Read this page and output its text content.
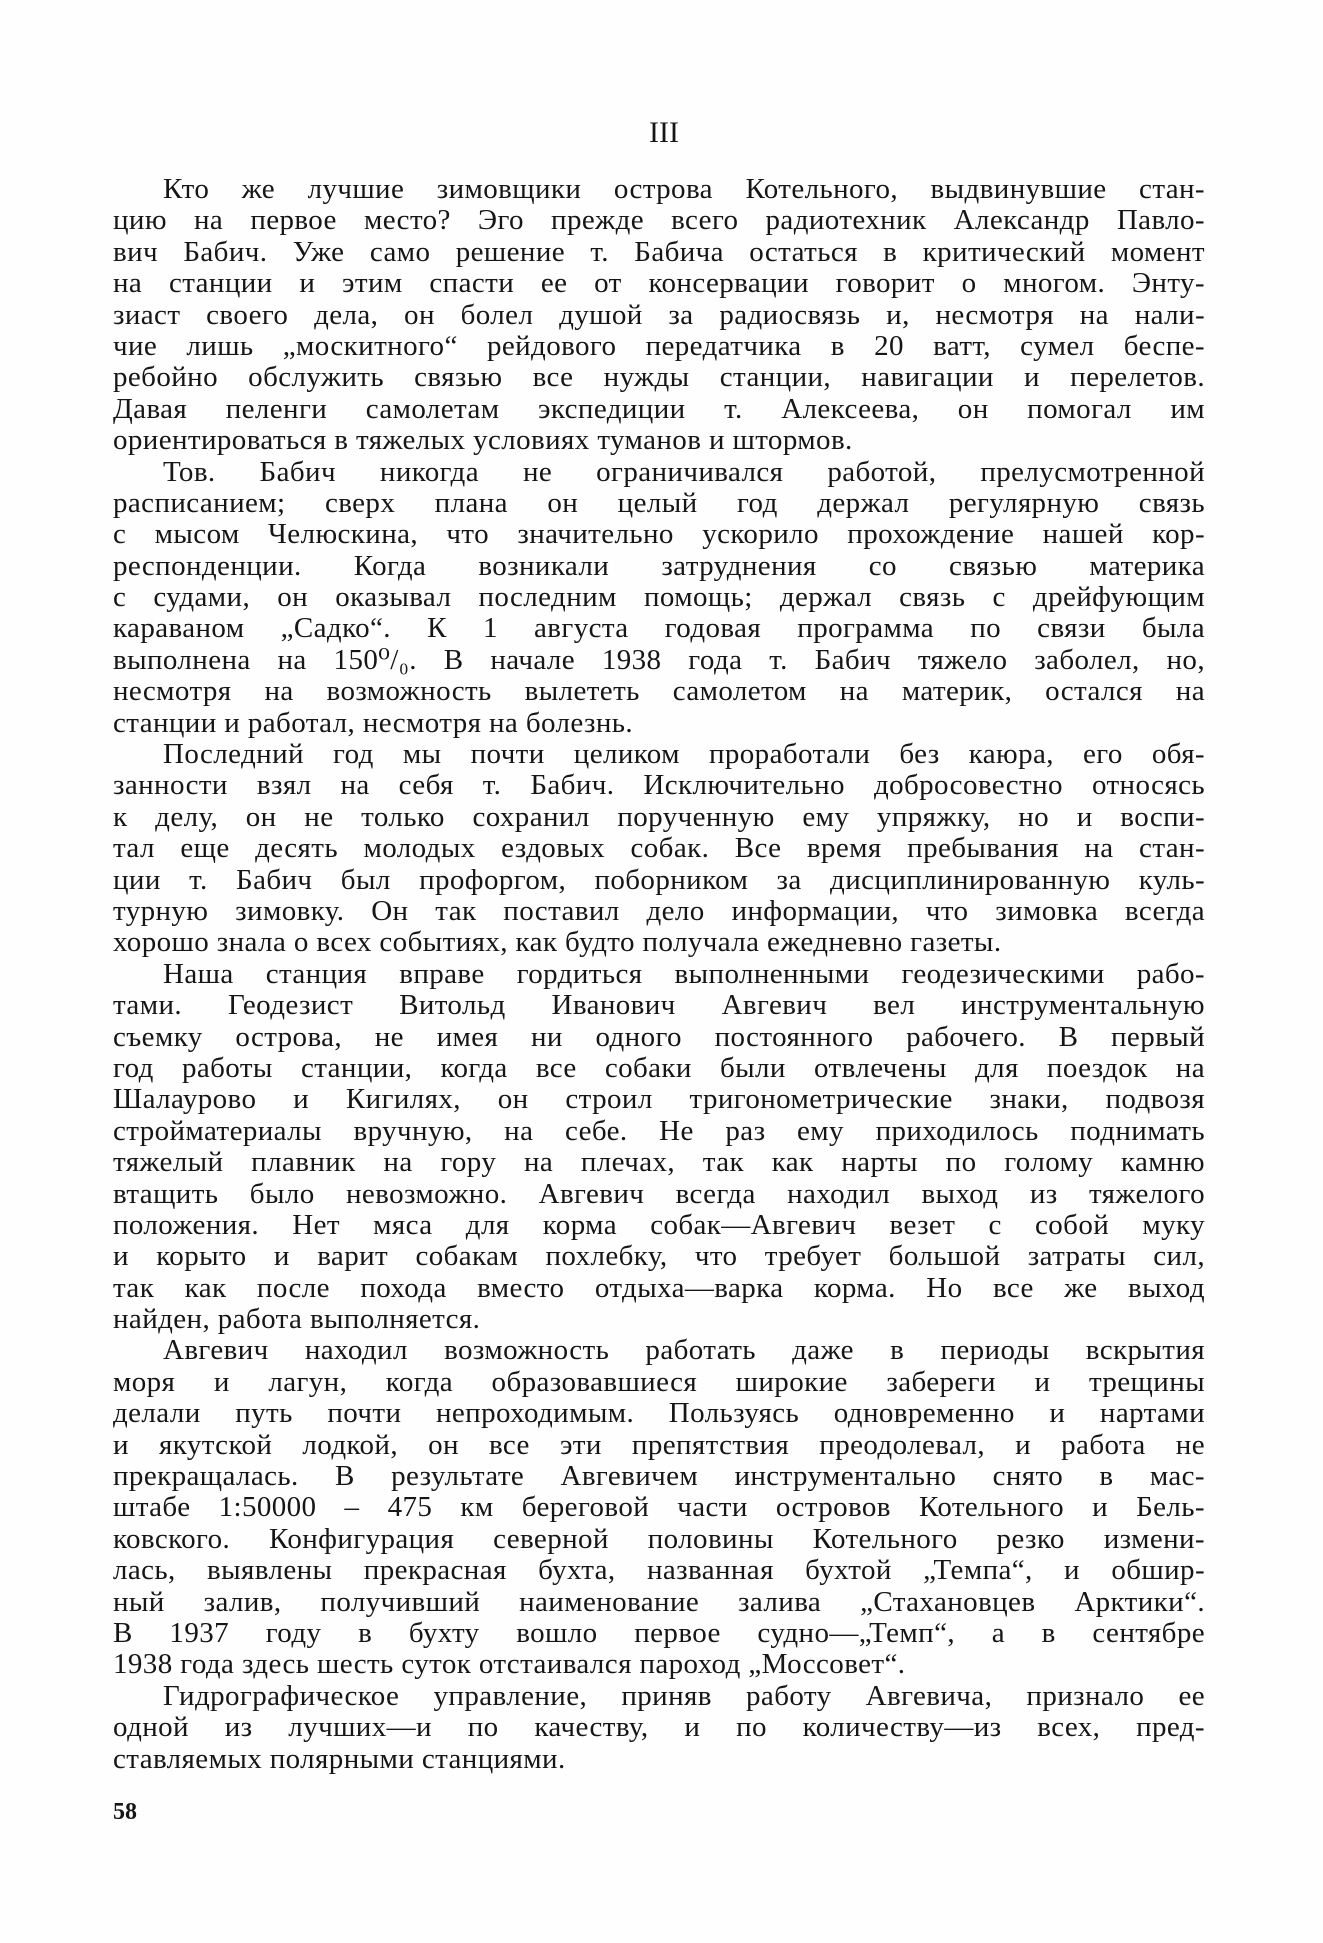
III
Кто же лучшие зимовщики острова Котельного, выдвинувшие стан-
цию на первое место? Эго прежде всего радиотехник Александр Павло-
вич Бабич. Уже само решение т. Бабича остаться в критический момент
на станции и этим спасти ее от консервации говорит о многом. Энту-
зиаст своего дела, он болел душой за радиосвязь и, несмотря на нали-
чие лишь „москитного“ рейдового передатчика в 20 ватт, сумел беспе-
ребойно обслужить связью все нужды станции, навигации и перелетов.
Давая пеленги самолетам экспедиции т. Алексеева, он помогал им
ориентироваться в тяжелых условиях туманов и штормов.
Тов. Бабич никогда не ограничивался работой, прелусмотренной
расписанием; сверх плана он целый год держал регулярную связь
с мысом Челюскина, что значительно ускорило прохождение нашей кор-
респонденции. Когда возникали затруднения со связью материка
с судами, он оказывал последним помощь; держал связь с дрейфующим
караваном „Садко“. К 1 августа годовая программа по связи была
выполнена на 150⁰/₀. В начале 1938 года т. Бабич тяжело заболел, но,
несмотря на возможность вылететь самолетом на материк, остался на
станции и работал, несмотря на болезнь.
Последний год мы почти целиком проработали без каюра, его обя-
занности взял на себя т. Бабич. Исключительно добросовестно относясь
к делу, он не только сохранил порученную ему упряжку, но и воспи-
тал еще десять молодых ездовых собак. Все время пребывания на стан-
ции т. Бабич был профоргом, поборником за дисциплинированную куль-
турную зимовку. Он так поставил дело информации, что зимовка всегда
хорошо знала о всех событиях, как будто получала ежедневно газеты.
Наша станция вправе гордиться выполненными геодезическими рабо-
тами. Геодезист Витольд Иванович Авгевич вел инструментальную
съемку острова, не имея ни одного постоянного рабочего. В первый
год работы станции, когда все собаки были отвлечены для поездок на
Шалаурово и Кигилях, он строил тригонометрические знаки, подвозя
стройматериалы вручную, на себе. Не раз ему приходилось поднимать
тяжелый плавник на гору на плечах, так как нарты по голому камню
втащить было невозможно. Авгевич всегда находил выход из тяжелого
положения. Нет мяса для корма собак—Авгевич везет с собой муку
и корыто и варит собакам похлебку, что требует большой затраты сил,
так как после похода вместо отдыха—варка корма. Но все же выход
найден, работа выполняется.
Авгевич находил возможность работать даже в периоды вскрытия
моря и лагун, когда образовавшиеся широкие забереги и трещины
делали путь почти непроходимым. Пользуясь одновременно и нартами
и якутской лодкой, он все эти препятствия преодолевал, и работа не
прекращалась. В результате Авгевичем инструментально снято в мас-
штабе 1:50000 – 475 км береговой части островов Котельного и Бель-
ковского. Конфигурация северной половины Котельного резко измени-
лась, выявлены прекрасная бухта, названная бухтой „Темпа“, и обшир-
ный залив, получивший наименование залива „Стахановцев Арктики“.
В 1937 году в бухту вошло первое судно—„Темп“, а в сентябре
1938 года здесь шесть суток отстаивался пароход „Моссовет“.
Гидрографическое управление, приняв работу Авгевича, признало ее
одной из лучших—и по качеству, и по количеству—из всех, пред-
ставляемых полярными станциями.
58
